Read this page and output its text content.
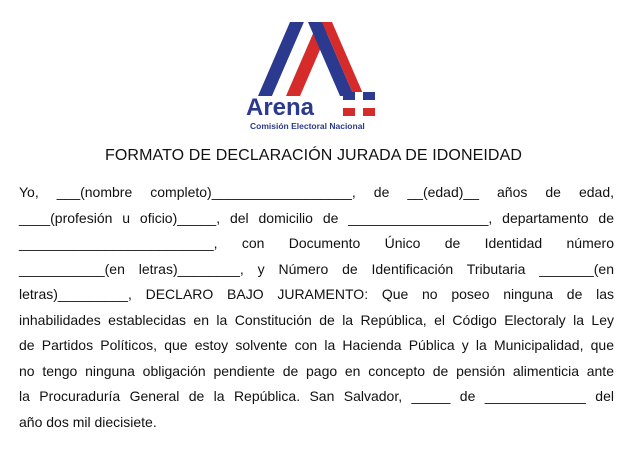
Arena
Comisión Electoral Nacional
FORMATO DE DECLARACIÓN JURADA DE IDONEIDAD
Yo, ___(nombre completo)__________________, de __(edad)__ años de edad,
____(profesión u oficio)_____, del domicilio de __________________, departamento de
_________________________, con Documento Único de Identidad número
___________(en letras)________, y Número de Identificación Tributaria _______(en
letras)_________, DECLARO BAJO JURAMENTO: Que no poseo ninguna de las
inhabilidades establecidas en la Constitución de la República, el Código Electoraly la Ley
de Partidos Políticos, que estoy solvente con la Hacienda Pública y la Municipalidad, que
no tengo ninguna obligación pendiente de pago en concepto de pensión alimenticia ante
la Procuraduría General de la República. San Salvador, _____ de _____________ del
año dos mil diecisiete.
